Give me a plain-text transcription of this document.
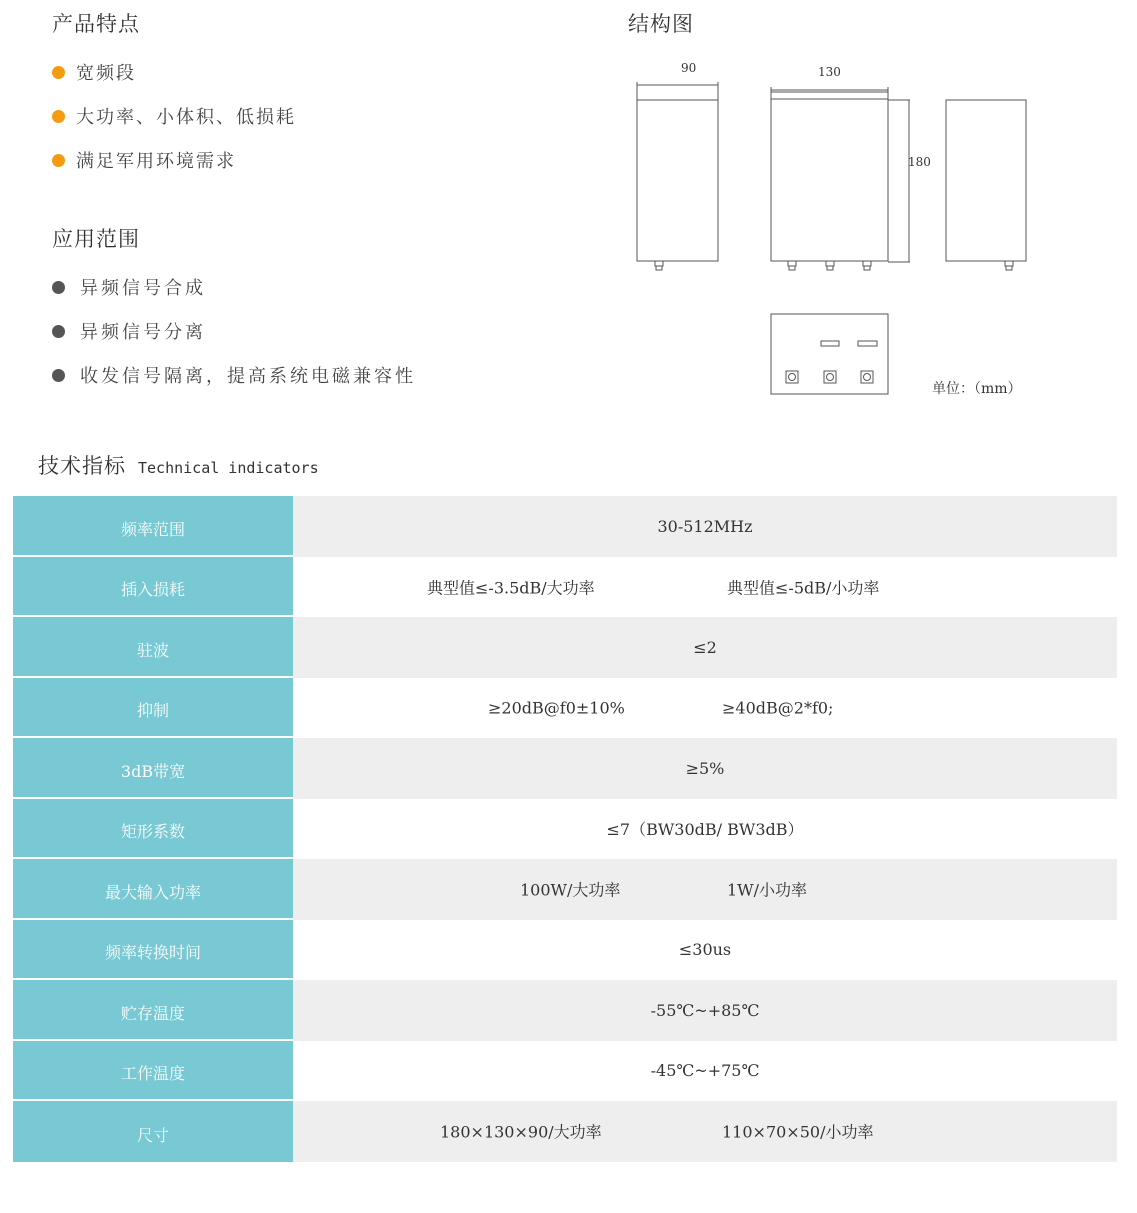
产品特点
宽频段
大功率、小体积、低损耗
满足军用环境需求
应用范围
异频信号合成
异频信号分离
收发信号隔离，提高系统电磁兼容性
结构图
90	130
180
单位：（mm）
技术指标 Technical indicators
频率范围	30-512MHz
插入损耗	典型值≤-3.5dB/大功率	典型值≤-5dB/小功率
驻波	≤2
抑制	≥20dB@f0±10%	≥40dB@2*f0;
3dB带宽	≥5%
矩形系数	≤7（BW30dB/ BW3dB）
最大输入功率	100W/大功率	1W/小功率
频率转换时间	≤30us
贮存温度	-55℃~+85℃
工作温度	-45℃~+75℃
尺寸	180×130×90/大功率	110×70×50/小功率
